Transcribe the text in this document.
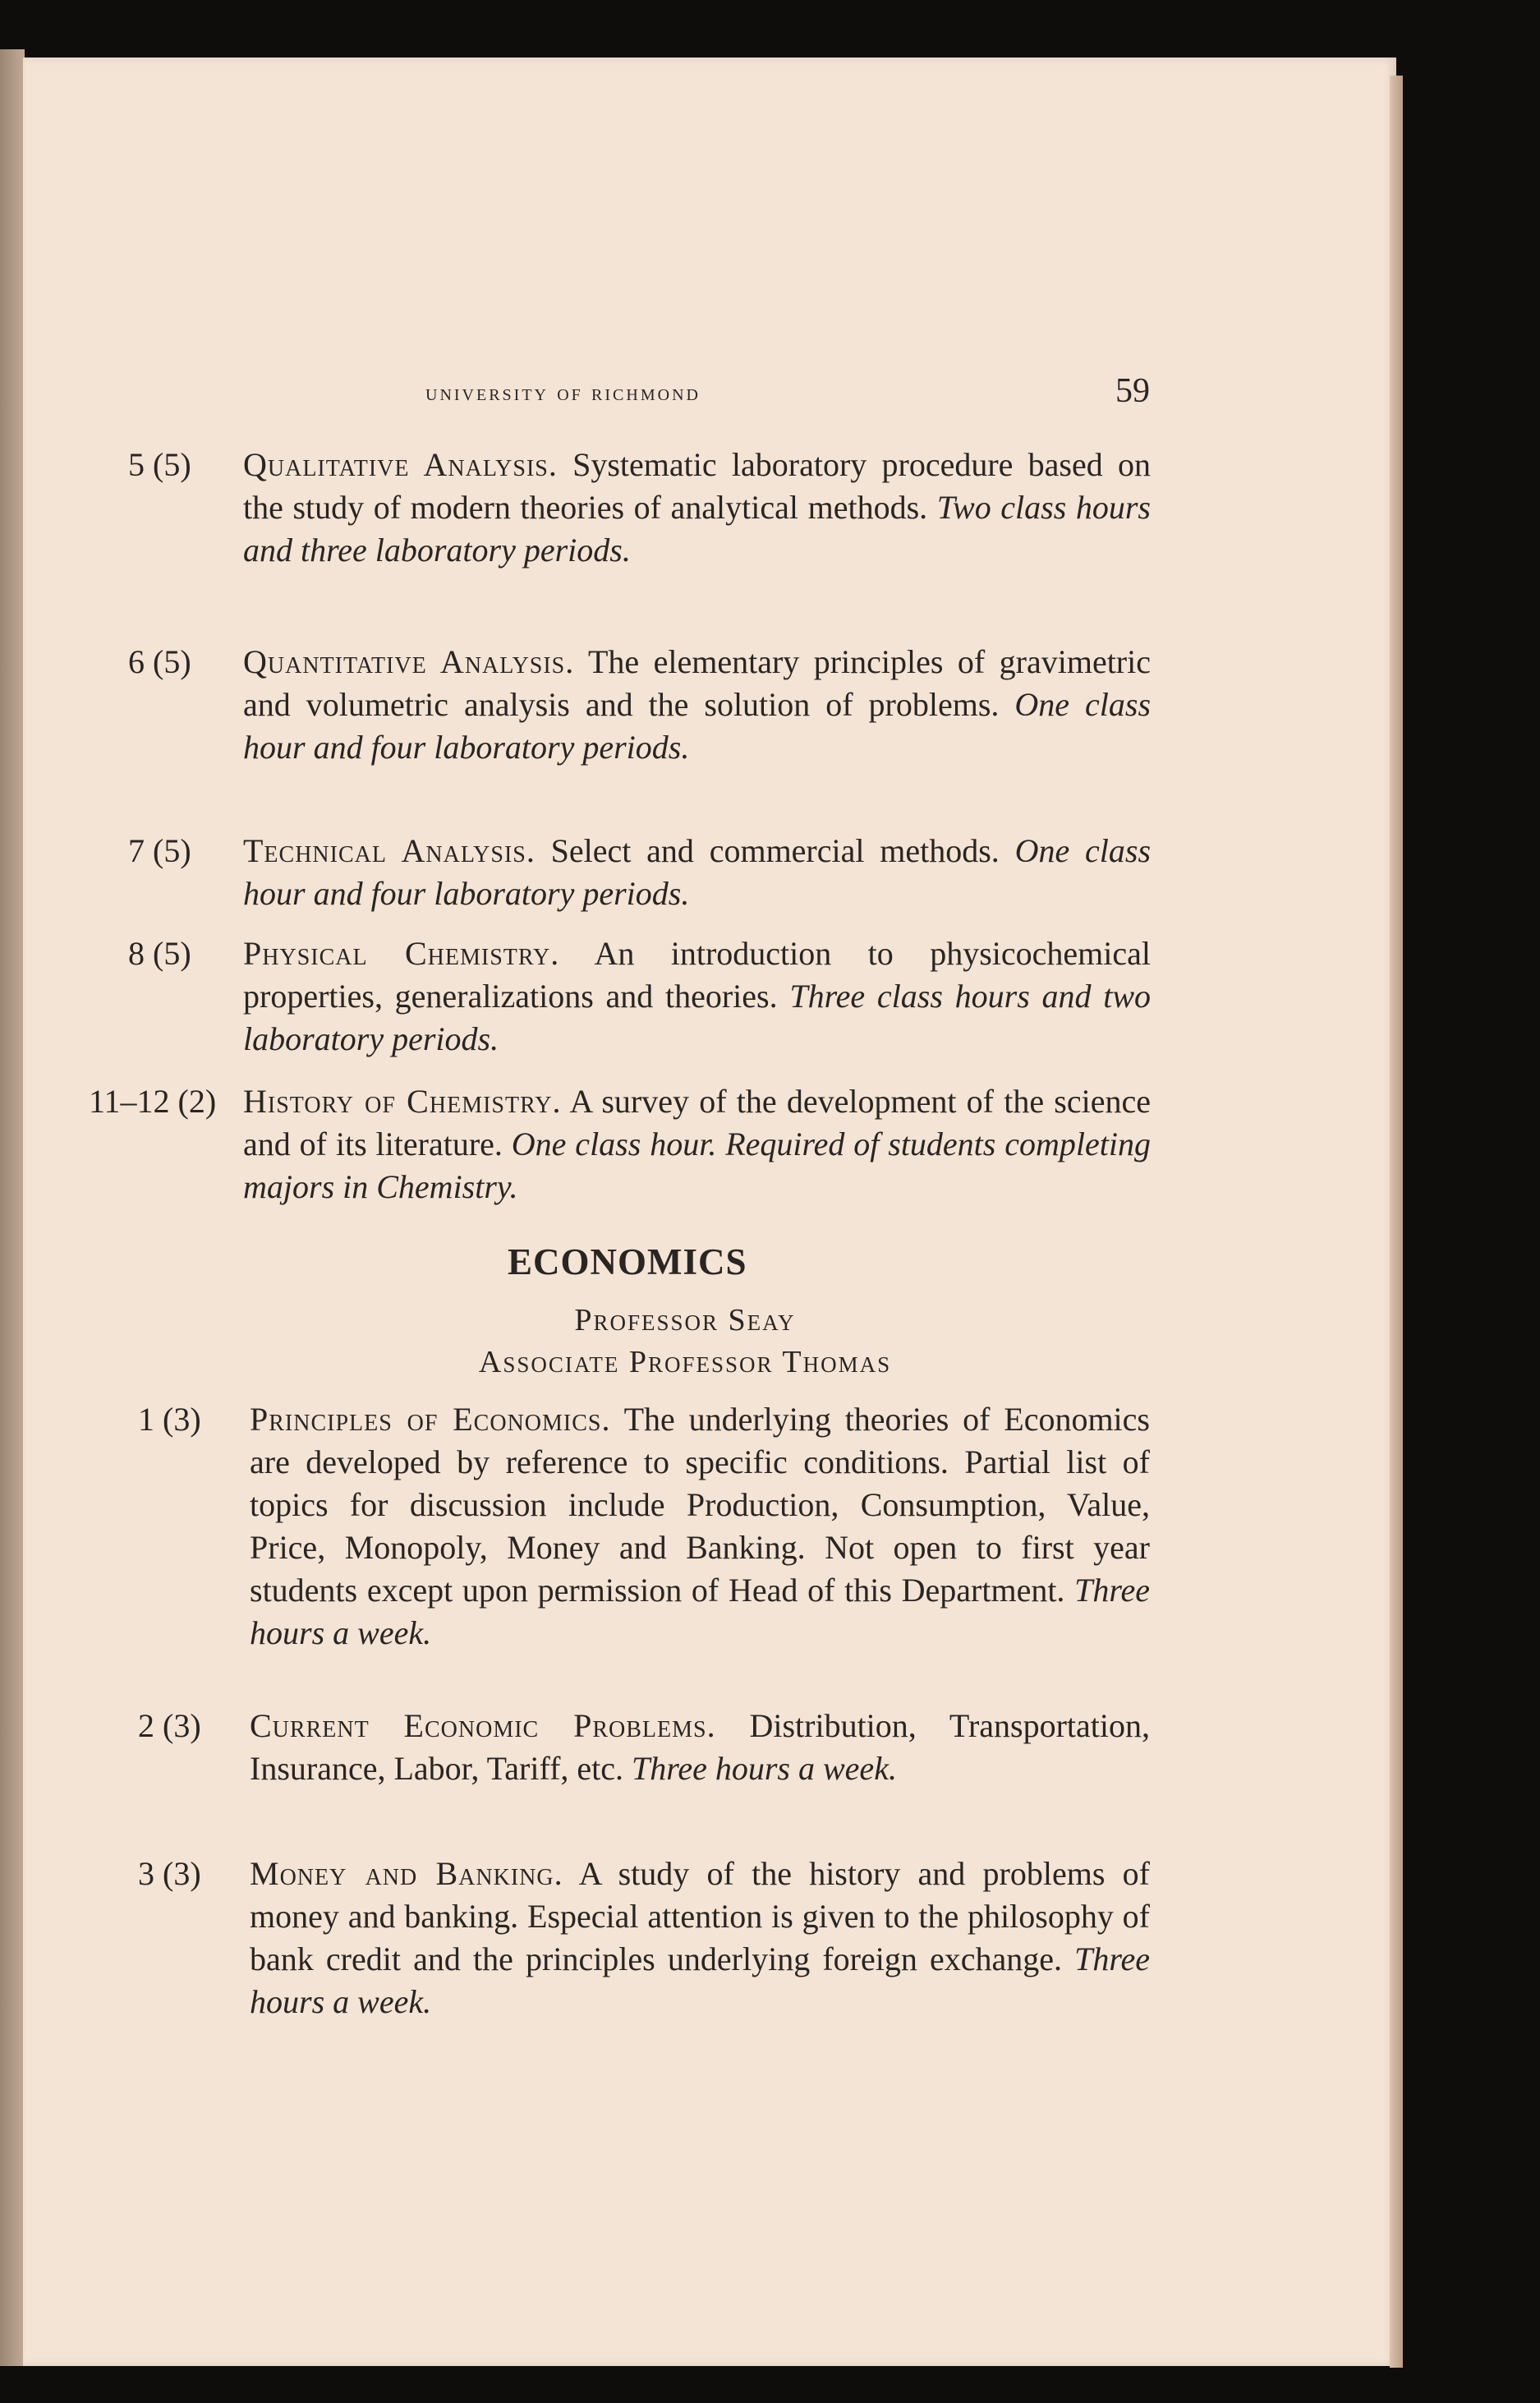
university of richmond	59
5 (5)	Qualitative Analysis. Systematic laboratory procedure based on the study of modern theories of analytical methods. Two class hours and three laboratory periods.
6 (5)	Quantitative Analysis. The elementary principles of gravimetric and volumetric analysis and the solution of problems. One class hour and four laboratory periods.
7 (5)	Technical Analysis. Select and commercial methods. One class hour and four laboratory periods.
8 (5)	Physical Chemistry. An introduction to physicochemical properties, generalizations and theories. Three class hours and two laboratory periods.
11–12 (2) History of Chemistry. A survey of the development of the science and of its literature. One class hour. Required of students completing majors in Chemistry.
ECONOMICS
Professor Seay
Associate Professor Thomas
1 (3)	Principles of Economics. The underlying theories of Economics are developed by reference to specific conditions. Partial list of topics for discussion include Production, Consumption, Value, Price, Monopoly, Money and Banking. Not open to first year students except upon permission of Head of this Department. Three hours a week.
2 (3)	Current Economic Problems. Distribution, Transportation, Insurance, Labor, Tariff, etc. Three hours a week.
3 (3)	Money and Banking. A study of the history and problems of money and banking. Especial attention is given to the philosophy of bank credit and the principles underlying foreign exchange. Three hours a week.
